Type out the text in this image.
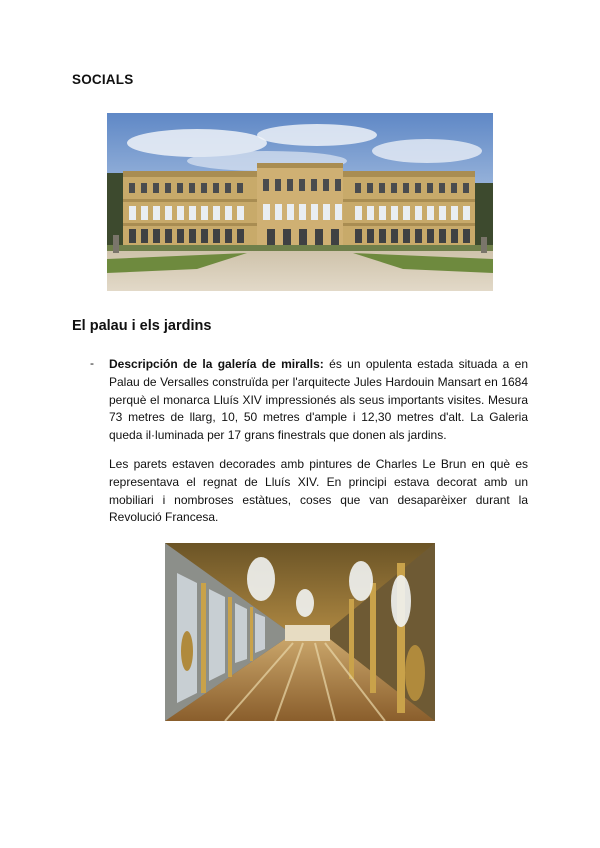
SOCIALS
El palau i els jardins
- Descripción de la galería de miralls: és un opulenta estada situada a en Palau de Versalles construïda per l'arquitecte Jules Hardouin Mansart en 1684 perquè el monarca Lluís XIV impressionés als seus importants visites. Mesura 73 metres de llarg, 10, 50 metres d'ample i 12,30 metres d'alt. La Galeria queda il·luminada per 17 grans finestrals que donen als jardins.
Les parets estaven decorades amb pintures de Charles Le Brun en què es representava el regnat de Lluís XIV. En principi estava decorat amb un mobiliari i nombroses estàtues, coses que van desaparèixer durant la Revolució Francesa.
